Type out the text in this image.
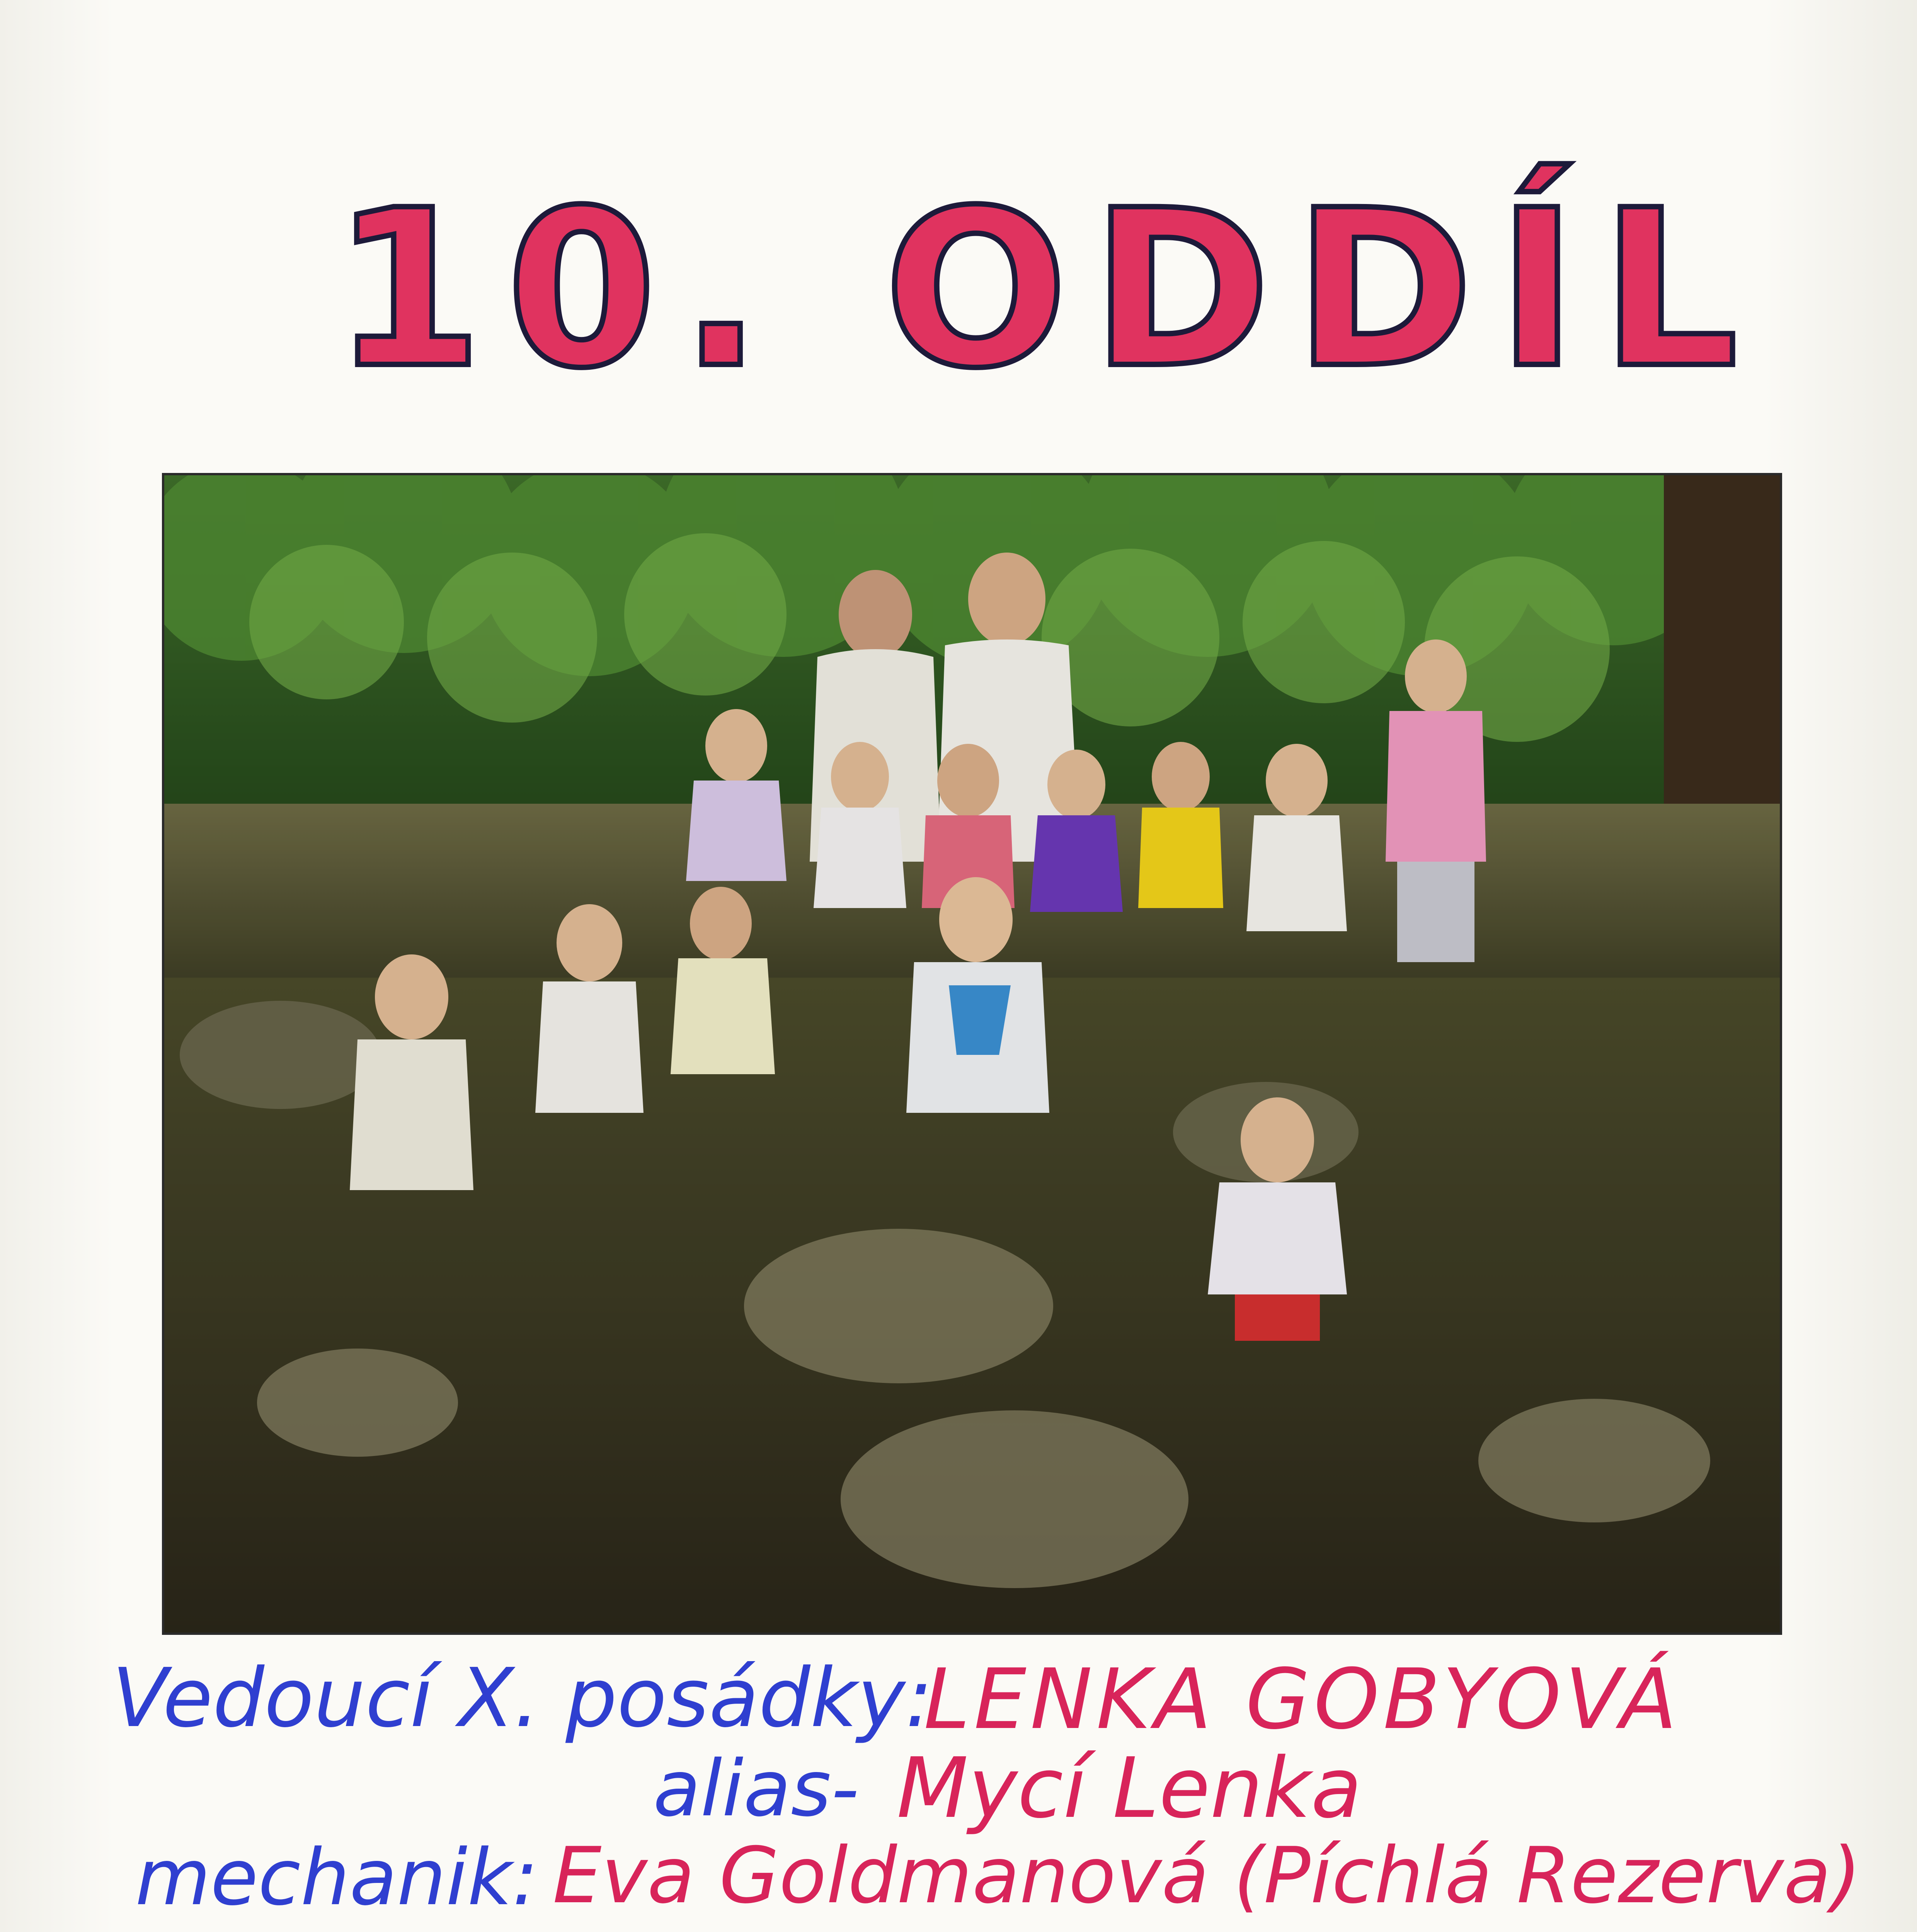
10. ODDÍL
Vedoucí X. posádky:
LENKA GOBYOVÁ
alias- Mycí Lenka
mechanik: Eva Goldmanová (Píchlá Rezerva)
